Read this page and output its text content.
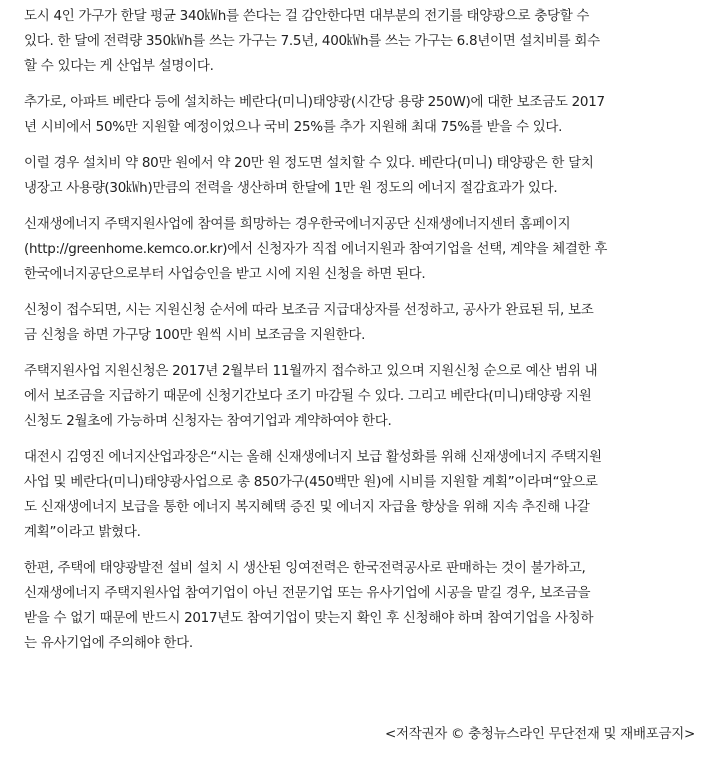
도시 4인 가구가 한달 평균 340㎾h를 쓴다는 걸 감안한다면 대부분의 전기를 태양광으로 충당할 수
있다. 한 달에 전력량 350㎾h를 쓰는 가구는 7.5년, 400㎾h를 쓰는 가구는 6.8년이면 설치비를 회수
할 수 있다는 게 산업부 설명이다.

추가로, 아파트 베란다 등에 설치하는 베란다(미니)태양광(시간당 용량 250W)에 대한 보조금도 2017
년 시비에서 50%만 지원할 예정이었으나 국비 25%를 추가 지원해 최대 75%를 받을 수 있다.

이럴 경우 설치비 약 80만 원에서 약 20만 원 정도면 설치할 수 있다. 베란다(미니) 태양광은 한 달치
냉장고 사용량(30㎾h)만큼의 전력을 생산하며 한달에 1만 원 정도의 에너지 절감효과가 있다.

신재생에너지 주택지원사업에 참여를 희망하는 경우한국에너지공단 신재생에너지센터 홈페이지
(http://greenhome.kemco.or.kr)에서 신청자가 직접 에너지원과 참여기업을 선택, 계약을 체결한 후
한국에너지공단으로부터 사업승인을 받고 시에 지원 신청을 하면 된다.

신청이 접수되면, 시는 지원신청 순서에 따라 보조금 지급대상자를 선정하고, 공사가 완료된 뒤, 보조
금 신청을 하면 가구당 100만 원씩 시비 보조금을 지원한다.

주택지원사업 지원신청은 2017년 2월부터 11월까지 접수하고 있으며 지원신청 순으로 예산 범위 내
에서 보조금을 지급하기 때문에 신청기간보다 조기 마감될 수 있다. 그리고 베란다(미니)태양광 지원
신청도 2월초에 가능하며 신청자는 참여기업과 계약하여야 한다.

대전시 김영진 에너지산업과장은“시는 올해 신재생에너지 보급 활성화를 위해 신재생에너지 주택지원
사업 및 베란다(미니)태양광사업으로 총 850가구(450백만 원)에 시비를 지원할 계획”이라며“앞으로
도 신재생에너지 보급을 통한 에너지 복지혜택 증진 및 에너지 자급율 향상을 위해 지속 추진해 나갈
계획”이라고 밝혔다.

한편, 주택에 태양광발전 설비 설치 시 생산된 잉여전력은 한국전력공사로 판매하는 것이 불가하고,
신재생에너지 주택지원사업 참여기업이 아닌 전문기업 또는 유사기업에 시공을 맡길 경우, 보조금을
받을 수 없기 때문에 반드시 2017년도 참여기업이 맞는지 확인 후 신청해야 하며 참여기업을 사칭하
는 유사기업에 주의해야 한다.

<저작권자 © 충청뉴스라인 무단전재 및 재배포금지>
